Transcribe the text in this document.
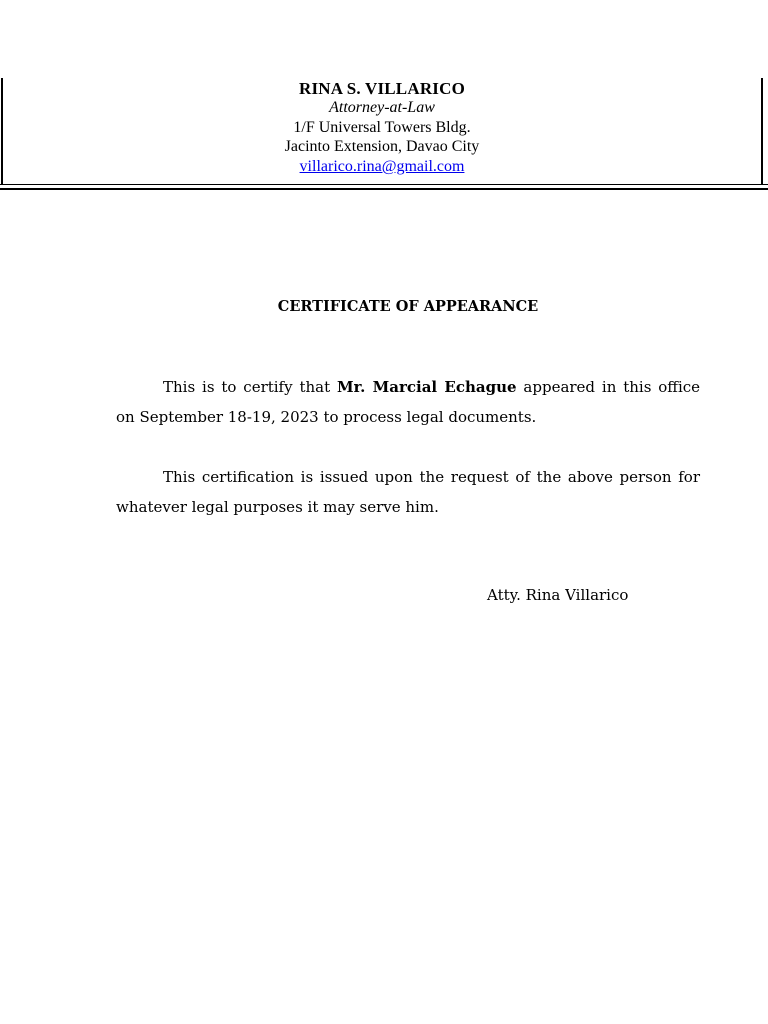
RINA S. VILLARICO
Attorney-at-Law
1/F Universal Towers Bldg.
Jacinto Extension, Davao City
villarico.rina@gmail.com
CERTIFICATE OF APPEARANCE

This is to certify that Mr. Marcial Echague appeared in this office on September 18-19, 2023 to process legal documents.

This certification is issued upon the request of the above person for whatever legal purposes it may serve him.

Atty. Rina Villarico
